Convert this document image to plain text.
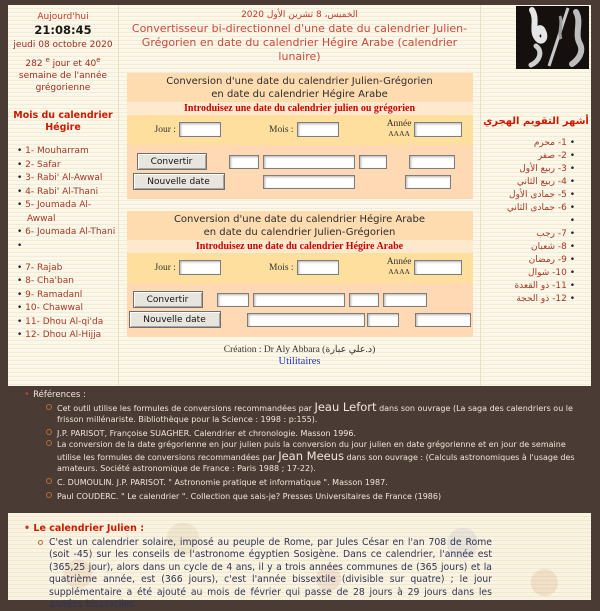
Aujourd'hui
21:08:45
jeudi 08 octobre 2020
282 $^e$ jour et 40e semaine de l'année grégorienne
Mois du calendrier Hégire
• 1- Mouharram
• 2- Safar
• 3- Rabi' Al-Awwal
• 4- Rabi' Al-Thani
• 5- Joumada Al-Awwal
• 6- Joumada Al-Thani
•
• 7- Rajab
• 8- Cha'ban
• 9- Ramadanl
• 10- Chawwal
• 11- Dhou Al-qi'da
• 12- Dhou Al-Hijja
الخميس، 8 تشرين الأول 2020
Convertisseur bi-directionnel d'une date du calendrier Julien-Grégorien en date du calendrier Hégire Arabe (calendrier lunaire)
Conversion d'une date du calendrier Julien-Grégorien
en date du calendrier Hégire Arabe
Introduisez une date du calendrier julien ou grégorien
Jour :	Mois :
Année
AAAA
Convertir
Nouvelle date
Conversion d'une date du calendrier Hégire Arabe
en date du calendrier Julien-Grégorien
Introduisez une date du calendrier Hégire Arabe
Jour :	Mois :
Année
AAAA
Convertir
Nouvelle date
Création : Dr Aly Abbara (د.علي عبارة)
Utilitaires
أشهر التقويم الهجري
• 1- محرم
• 2- صفر
• 3- ربيع الأول
• 4- ربيع الثاني
• 5- جمادى الأول
• 6- جمادى الثاني
•
• 7- رجب
• 8- شعبان
• 9- رمضان
• 10- شوال
• 11- ذو القعدة
• 12- ذو الحجة
• Références :
Cet outil utilise les formules de conversions recommandées par Jeau Lefort dans son ouvrage (La saga des calendriers ou le frisson millénariste. Bibliothèque pour la Science : 1998 : p:155).
J.P. PARISOT, Françoise SUAGHER. Calendrier et chronologie. Masson 1996.
La conversion de la date grégorienne en jour julien puis la conversion du jour julien en date grégorienne et en jour de semaine utilise les formules de conversions recommandées par Jean Meeus dans son ouvrage : (Calculs astronomiques à l'usage des amateurs. Société astronomique de France : Paris 1988 ; 17-22).
C. DUMOULIN. J.P. PARISOT. " Astronomie pratique et informatique ". Masson 1987.
Paul COUDERC. " Le calendrier ". Collection que sais-je? Presses Universitaires de France (1986)
• Le calendrier Julien :
C'est un calendrier solaire, imposé au peuple de Rome, par Jules César en l'an 708 de Rome (soit -45) sur les conseils de l'astronome égyptien Sosigène. Dans ce calendrier, l'année est (365,25 jour), alors dans un cycle de 4 ans, il y a trois années communes de (365 jours) et la quatrième année, est (366 jours), c'est l'année bissextile (divisible sur quatre) ; le jour supplémentaire a été ajouté au mois de février qui passe de 28 jours à 29 jours dans les années bissextiles.
